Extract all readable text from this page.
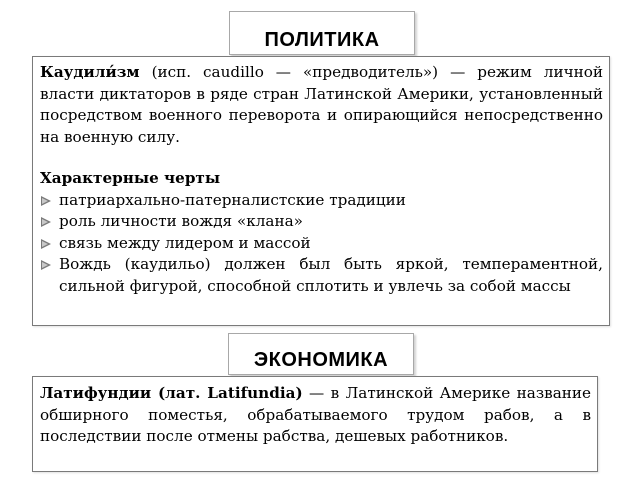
ПОЛИТИКА

Каудили́зм (исп. caudillo — «предводитель») — режим личной власти диктаторов в ряде стран Латинской Америки, установленный посредством военного переворота и опирающийся непосредственно на военную силу.

Характерные черты

патриархально-патерналистские традиции
роль личности вождя «клана»
связь между лидером и массой
Вождь (каудильо) должен был быть яркой, темпераментной, сильной фигурой, способной сплотить и увлечь за собой массы
ЭКОНОМИКА

Латифундии (лат. Latifundia) — в Латинской Америке название обширного поместья, обрабатываемого трудом рабов, а в последствии после отмены рабства, дешевых работников.
